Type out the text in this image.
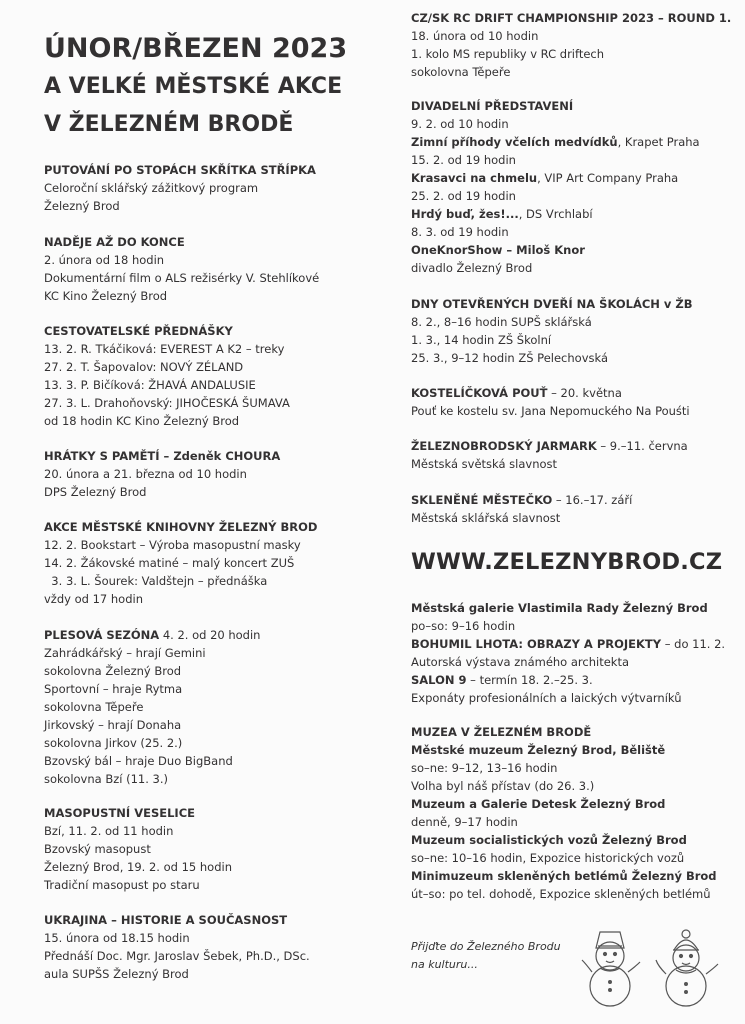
ÚNOR/BŘEZEN 2023
A VELKÉ MĚSTSKÉ AKCE
V ŽELEZNÉM BRODĚ
PUTOVÁNÍ PO STOPÁCH SKŘÍTKA STŘÍPKA
Celoroční sklářský zážitkový program
Železný Brod
NADĚJE AŽ DO KONCE
2. února od 18 hodin
Dokumentární film o ALS režisérky V. Stehlíkové
KC Kino Železný Brod
CESTOVATELSKÉ PŘEDNÁŠKY
13. 2. R. Tkáčiková: EVEREST A K2 – treky
27. 2. T. Šapovalov: NOVÝ ZÉLAND
13. 3. P. Bičíková: ŽHAVÁ ANDALUSIE
27. 3. L. Drahoňovský: JIHOČESKÁ ŠUMAVA
od 18 hodin KC Kino Železný Brod
HRÁTKY S PAMĚTÍ – Zdeněk CHOURA
20. února a 21. března od 10 hodin
DPS Železný Brod
AKCE MĚSTSKÉ KNIHOVNY ŽELEZNÝ BROD
12. 2. Bookstart – Výroba masopustní masky
14. 2. Žákovské matiné – malý koncert ZUŠ
3. 3. L. Šourek: Valdštejn – přednáška
vždy od 17 hodin
PLESOVÁ SEZÓNA 4. 2. od 20 hodin
Zahrádkářský – hrají Gemini
sokolovna Železný Brod
Sportovní – hraje Rytma
sokolovna Těpeře
Jirkovský – hrají Donaha
sokolovna Jirkov (25. 2.)
Bzovský bál – hraje Duo BigBand
sokolovna Bzí (11. 3.)
MASOPUSTNÍ VESELICE
Bzí, 11. 2. od 11 hodin
Bzovský masopust
Železný Brod, 19. 2. od 15 hodin
Tradiční masopust po staru
UKRAJINA – HISTORIE A SOUČASNOST
15. února od 18.15 hodin
Přednáší Doc. Mgr. Jaroslav Šebek, Ph.D., DSc.
aula SUPŠS Železný Brod
CZ/SK RC DRIFT CHAMPIONSHIP 2023 – ROUND 1.
18. února od 10 hodin
1. kolo MS republiky v RC driftech
sokolovna Těpeře
DIVADELNÍ PŘEDSTAVENÍ
9. 2. od 10 hodin
Zimní příhody včelích medvídků, Krapet Praha
15. 2. od 19 hodin
Krasavci na chmelu, VIP Art Company Praha
25. 2. od 19 hodin
Hrdý buď, žes!..., DS Vrchlabí
8. 3. od 19 hodin
OneKnorShow – Miloš Knor
divadlo Železný Brod
DNY OTEVŘENÝCH DVEŘÍ NA ŠKOLÁCH v ŽB
8. 2., 8–16 hodin SUPŠ sklářská
1. 3., 14 hodin ZŠ Školní
25. 3., 9–12 hodin ZŠ Pelechovská
KOSTELÍČKOVÁ POUŤ – 20. května
Pouť ke kostelu sv. Jana Nepomuckého Na Pouśti
ŽELEZNOBRODSKÝ JARMARK – 9.–11. června
Městská světská slavnost
SKLENĚNÉ MĚSTEČKO – 16.–17. září
Městská sklářská slavnost
Městská galerie Vlastimila Rady Železný Brod
po–so: 9–16 hodin
BOHUMIL LHOTA: OBRAZY A PROJEKTY – do 11. 2.
Autorská výstava známého architekta
SALON 9 – termín 18. 2.–25. 3.
Exponáty profesionálních a laických výtvarníků
MUZEA V ŽELEZNÉM BRODĚ
Městské muzeum Železný Brod, Běliště
so–ne: 9–12, 13–16 hodin
Volha byl náš přístav (do 26. 3.)
Muzeum a Galerie Detesk Železný Brod
denně, 9–17 hodin
Muzeum socialistických vozů Železný Brod
so–ne: 10–16 hodin, Expozice historických vozů
Minimuzeum skleněných betlémů Železný Brod
út–so: po tel. dohodě, Expozice skleněných betlémů
WWW.ZELEZNYBROD.CZ
Přijďte do Železného Brodu
na kulturu...
